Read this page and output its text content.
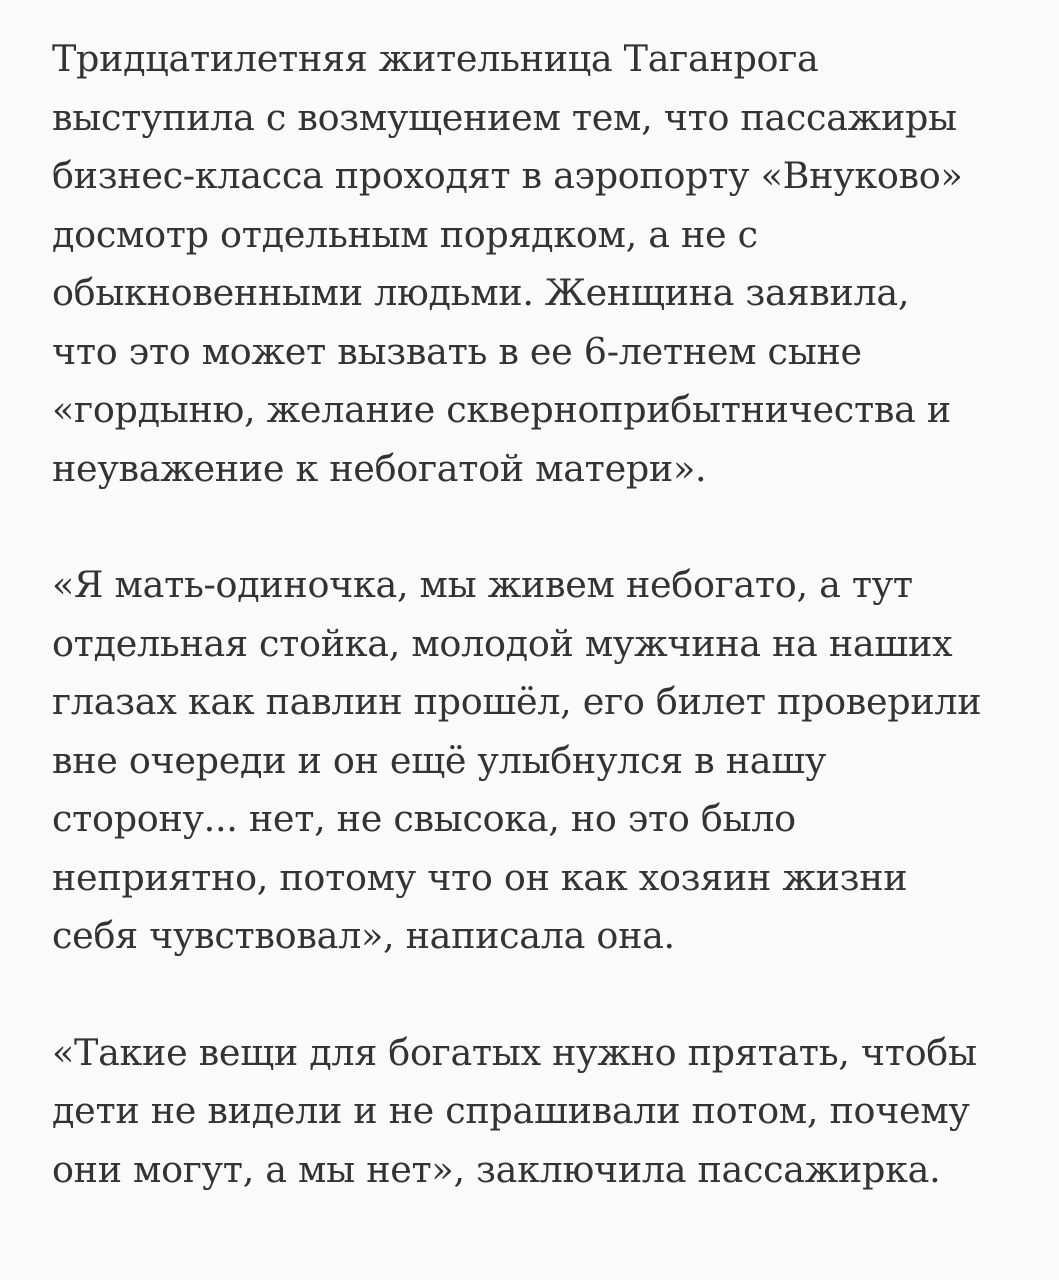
Тридцатилетняя жительница Таганрога
выступила с возмущением тем, что пассажиры
бизнес-класса проходят в аэропорту «Внуково»
досмотр отдельным порядком, а не с
обыкновенными людьми. Женщина заявила,
что это может вызвать в ее 6-летнем сыне
«гордыню, желание скверноприбытничества и
неуважение к небогатой матери».
«Я мать-одиночка, мы живем небогато, а тут
отдельная стойка, молодой мужчина на наших
глазах как павлин прошёл, его билет проверили
вне очереди и он ещё улыбнулся в нашу
сторону... нет, не свысока, но это было
неприятно, потому что он как хозяин жизни
себя чувствовал», написала она.
«Такие вещи для богатых нужно прятать, чтобы
дети не видели и не спрашивали потом, почему
они могут, а мы нет», заключила пассажирка.
